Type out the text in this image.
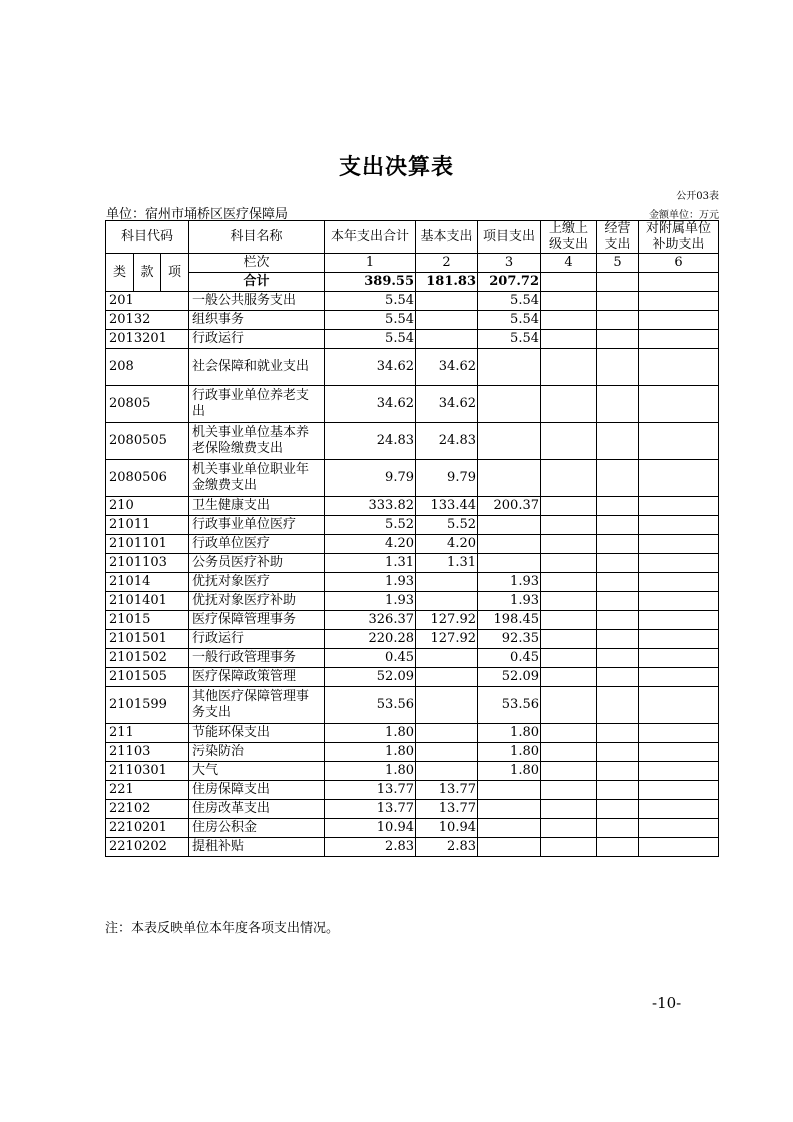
支出决算表
公开03表
单位：宿州市埇桥区医疗保障局	金额单位：万元
科目代码			科目名称	本年支出合计	基本支出	项目支出	上缴上级支出	经营支出	对附属单位补助支出
类	款	项	栏次	1	2	3	4	5	6
			合计	389.55	181.83	207.72			
201			一般公共服务支出	5.54		5.54			
20132			组织事务	5.54		5.54			
2013201			行政运行	5.54		5.54			
208			社会保障和就业支出	34.62	34.62				
20805			行政事业单位养老支出	34.62	34.62				
2080505			机关事业单位基本养老保险缴费支出	24.83	24.83				
2080506			机关事业单位职业年金缴费支出	9.79	9.79				
210			卫生健康支出	333.82	133.44	200.37			
21011			行政事业单位医疗	5.52	5.52				
2101101			行政单位医疗	4.20	4.20				
2101103			公务员医疗补助	1.31	1.31				
21014			优抚对象医疗	1.93		1.93			
2101401			优抚对象医疗补助	1.93		1.93			
21015			医疗保障管理事务	326.37	127.92	198.45			
2101501			行政运行	220.28	127.92	92.35			
2101502			一般行政管理事务	0.45		0.45			
2101505			医疗保障政策管理	52.09		52.09			
2101599			其他医疗保障管理事务支出	53.56		53.56			
211			节能环保支出	1.80		1.80			
21103			污染防治	1.80		1.80			
2110301			大气	1.80		1.80			
221			住房保障支出	13.77	13.77				
22102			住房改革支出	13.77	13.77				
2210201			住房公积金	10.94	10.94				
2210202			提租补贴	2.83	2.83				
注：本表反映单位本年度各项支出情况。
-10-
